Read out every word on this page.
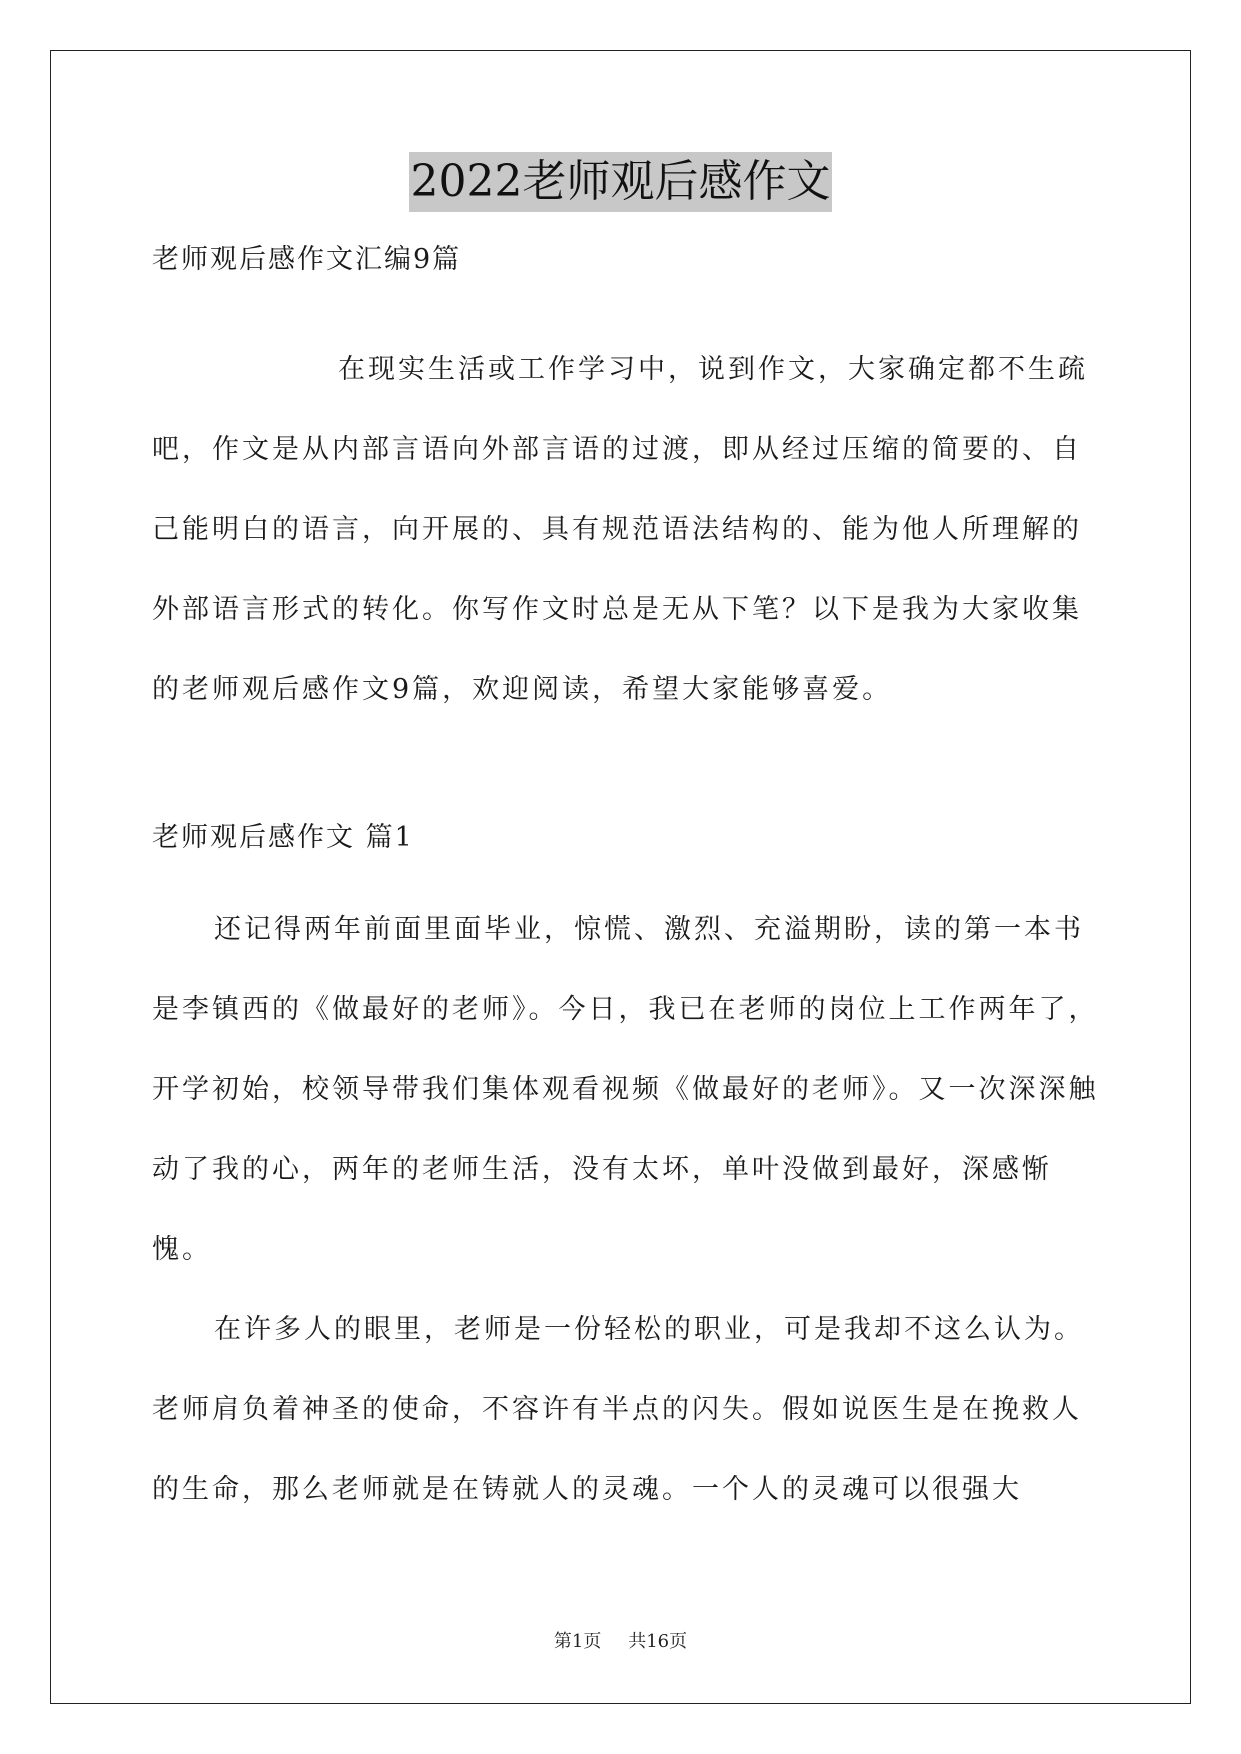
2022老师观后感作文

老师观后感作文汇编9篇

在现实生活或工作学习中，说到作文，大家确定都不生疏吧，作文是从内部言语向外部言语的过渡，即从经过压缩的简要的、自己能明白的语言，向开展的、具有规范语法结构的、能为他人所理解的外部语言形式的转化。你写作文时总是无从下笔？以下是我为大家收集的老师观后感作文9篇，欢迎阅读，希望大家能够喜爱。

老师观后感作文 篇1

还记得两年前面里面毕业，惊慌、激烈、充溢期盼，读的第一本书是李镇西的《做最好的老师》。今日，我已在老师的岗位上工作两年了，开学初始，校领导带我们集体观看视频《做最好的老师》。又一次深深触动了我的心，两年的老师生活，没有太坏，单叶没做到最好，深感惭愧。

在许多人的眼里，老师是一份轻松的职业，可是我却不这么认为。老师肩负着神圣的使命，不容许有半点的闪失。假如说医生是在挽救人的生命，那么老师就是在铸就人的灵魂。一个人的灵魂可以很强大

第1页 共16页
